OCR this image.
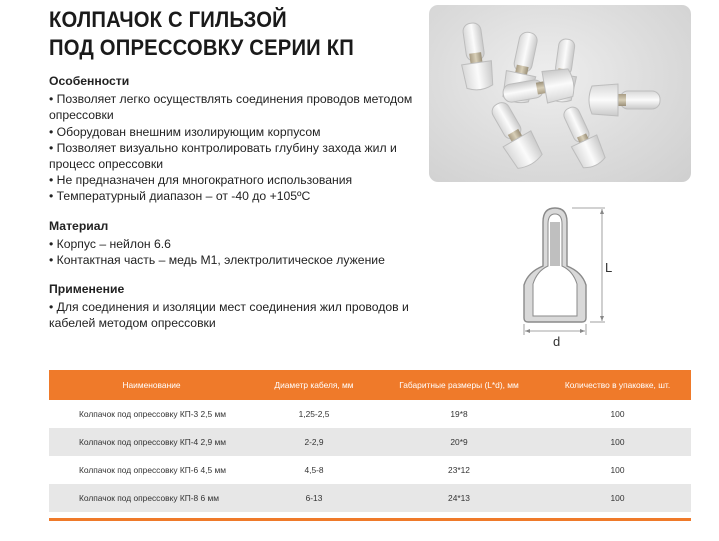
КОЛПАЧОК С ГИЛЬЗОЙ
ПОД ОПРЕССОВКУ СЕРИИ КП
Особенности

• Позволяет легко осуществлять соединения проводов методом опрессовки

• Оборудован внешним изолирующим корпусом

• Позволяет визуально контролировать глубину захода жил и процесс опрессовки

• Не предназначен для многократного использования

• Температурный диапазон – от -40 до +105ºС

Материал

• Корпус – нейлон 6.6

• Контактная часть – медь М1, электролитическое лужение

Применение

• Для соединения и изоляции мест соединения жил проводов и кабелей методом опрессовки

L
d
Наименование	Диаметр кабеля, мм	Габаритные размеры (L*d), мм	Количество в упаковке, шт.
Колпачок под опрессовку КП-3 2,5 мм	1,25-2,5	19*8	100
Колпачок под опрессовку КП-4 2,9 мм	2-2,9	20*9	100
Колпачок под опрессовку КП-6 4,5 мм	4,5-8	23*12	100
Колпачок под опрессовку КП-8 6 мм	6-13	24*13	100
